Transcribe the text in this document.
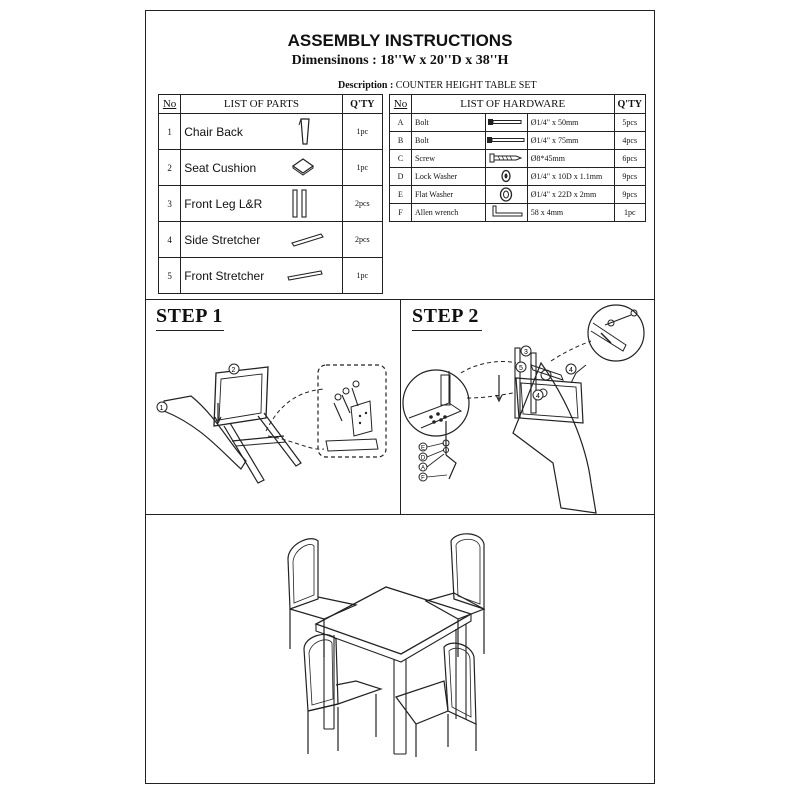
ASSEMBLY INSTRUCTIONS
Dimensinons : 18''W x 20''D x 38''H
Description : COUNTER HEIGHT TABLE SET
No	LIST OF PARTS	Q'TY
1	Chair Back	1pc
2	Seat Cushion	1pc
3	Front Leg L&R	2pcs
4	Side Stretcher	2pcs
5	Front Stretcher	1pc
No	LIST OF HARDWARE			Q'TY
A	Bolt		Ø1/4" x 50mm	5pcs
B	Bolt		Ø1/4" x 75mm	4pcs
C	Screw		Ø8*45mm	6pcs
D	Lock Washer		Ø1/4" x 10D x 1.1mm	9pcs
E	Flat Washer		Ø1/4" x 22D x 2mm	9pcs
F	Allen wrench		58 x 4mm	1pc
STEP 1
1
2
STEP 2
E
D
A
F
3
5	4
4
